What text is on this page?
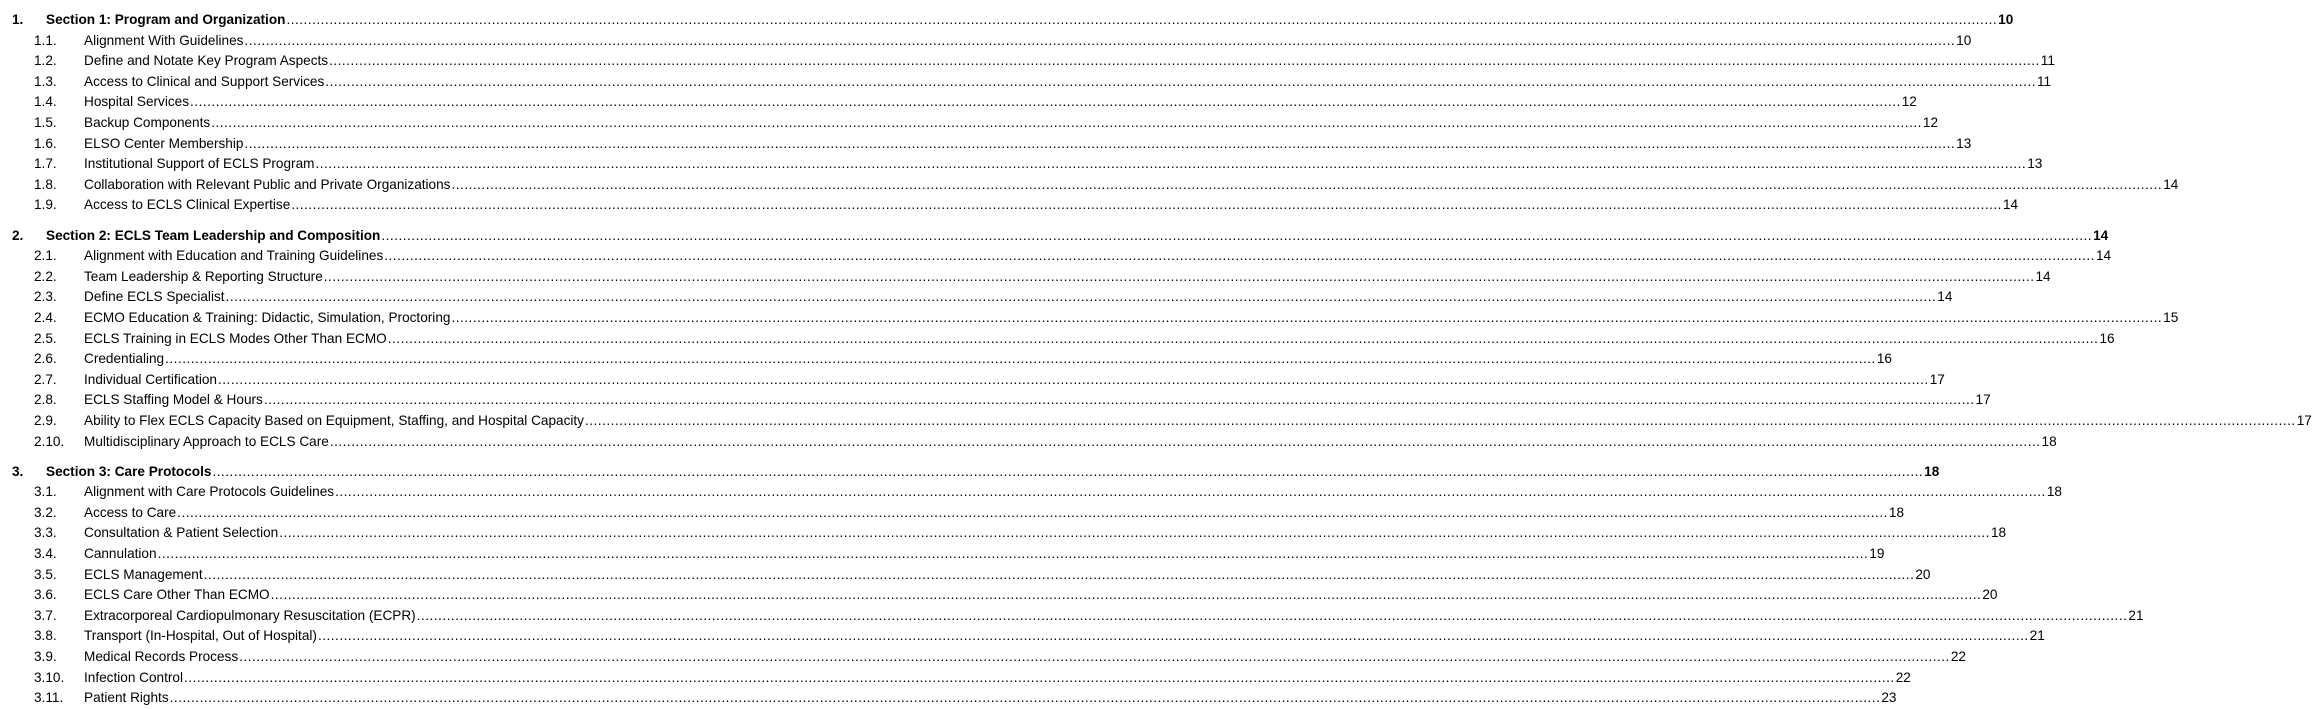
1. Section 1: Program and Organization ................................................................................................................................................................................................................................................................................................................................................................................................................ 10
1.1. Alignment With Guidelines ................................................................................................................................................................................................................................................................................................................................................................................................................ 10
1.2. Define and Notate Key Program Aspects ................................................................................................................................................................................................................................................................................................................................................................................................................ 11
1.3. Access to Clinical and Support Services ................................................................................................................................................................................................................................................................................................................................................................................................................ 11
1.4. Hospital Services ................................................................................................................................................................................................................................................................................................................................................................................................................ 12
1.5. Backup Components ................................................................................................................................................................................................................................................................................................................................................................................................................ 12
1.6. ELSO Center Membership ................................................................................................................................................................................................................................................................................................................................................................................................................ 13
1.7. Institutional Support of ECLS Program ................................................................................................................................................................................................................................................................................................................................................................................................................ 13
1.8. Collaboration with Relevant Public and Private Organizations ................................................................................................................................................................................................................................................................................................................................................................................................................ 14
1.9. Access to ECLS Clinical Expertise ................................................................................................................................................................................................................................................................................................................................................................................................................ 14
2. Section 2: ECLS Team Leadership and Composition ................................................................................................................................................................................................................................................................................................................................................................................................................ 14
2.1. Alignment with Education and Training Guidelines ................................................................................................................................................................................................................................................................................................................................................................................................................ 14
2.2. Team Leadership & Reporting Structure ................................................................................................................................................................................................................................................................................................................................................................................................................ 14
2.3. Define ECLS Specialist ................................................................................................................................................................................................................................................................................................................................................................................................................ 14
2.4. ECMO Education & Training: Didactic, Simulation, Proctoring ................................................................................................................................................................................................................................................................................................................................................................................................................ 15
2.5. ECLS Training in ECLS Modes Other Than ECMO ................................................................................................................................................................................................................................................................................................................................................................................................................ 16
2.6. Credentialing ................................................................................................................................................................................................................................................................................................................................................................................................................ 16
2.7. Individual Certification ................................................................................................................................................................................................................................................................................................................................................................................................................ 17
2.8. ECLS Staffing Model & Hours ................................................................................................................................................................................................................................................................................................................................................................................................................ 17
2.9. Ability to Flex ECLS Capacity Based on Equipment, Staffing, and Hospital Capacity ................................................................................................................................................................................................................................................................................................................................................................................................................ 17
2.10. Multidisciplinary Approach to ECLS Care ................................................................................................................................................................................................................................................................................................................................................................................................................ 18
3. Section 3: Care Protocols ................................................................................................................................................................................................................................................................................................................................................................................................................ 18
3.1. Alignment with Care Protocols Guidelines ................................................................................................................................................................................................................................................................................................................................................................................................................ 18
3.2. Access to Care ................................................................................................................................................................................................................................................................................................................................................................................................................ 18
3.3. Consultation & Patient Selection ................................................................................................................................................................................................................................................................................................................................................................................................................ 18
3.4. Cannulation ................................................................................................................................................................................................................................................................................................................................................................................................................ 19
3.5. ECLS Management ................................................................................................................................................................................................................................................................................................................................................................................................................ 20
3.6. ECLS Care Other Than ECMO ................................................................................................................................................................................................................................................................................................................................................................................................................ 20
3.7. Extracorporeal Cardiopulmonary Resuscitation (ECPR) ................................................................................................................................................................................................................................................................................................................................................................................................................ 21
3.8. Transport (In-Hospital, Out of Hospital) ................................................................................................................................................................................................................................................................................................................................................................................................................ 21
3.9. Medical Records Process ................................................................................................................................................................................................................................................................................................................................................................................................................ 22
3.10. Infection Control ................................................................................................................................................................................................................................................................................................................................................................................................................ 22
3.11. Patient Rights ................................................................................................................................................................................................................................................................................................................................................................................................................ 23
